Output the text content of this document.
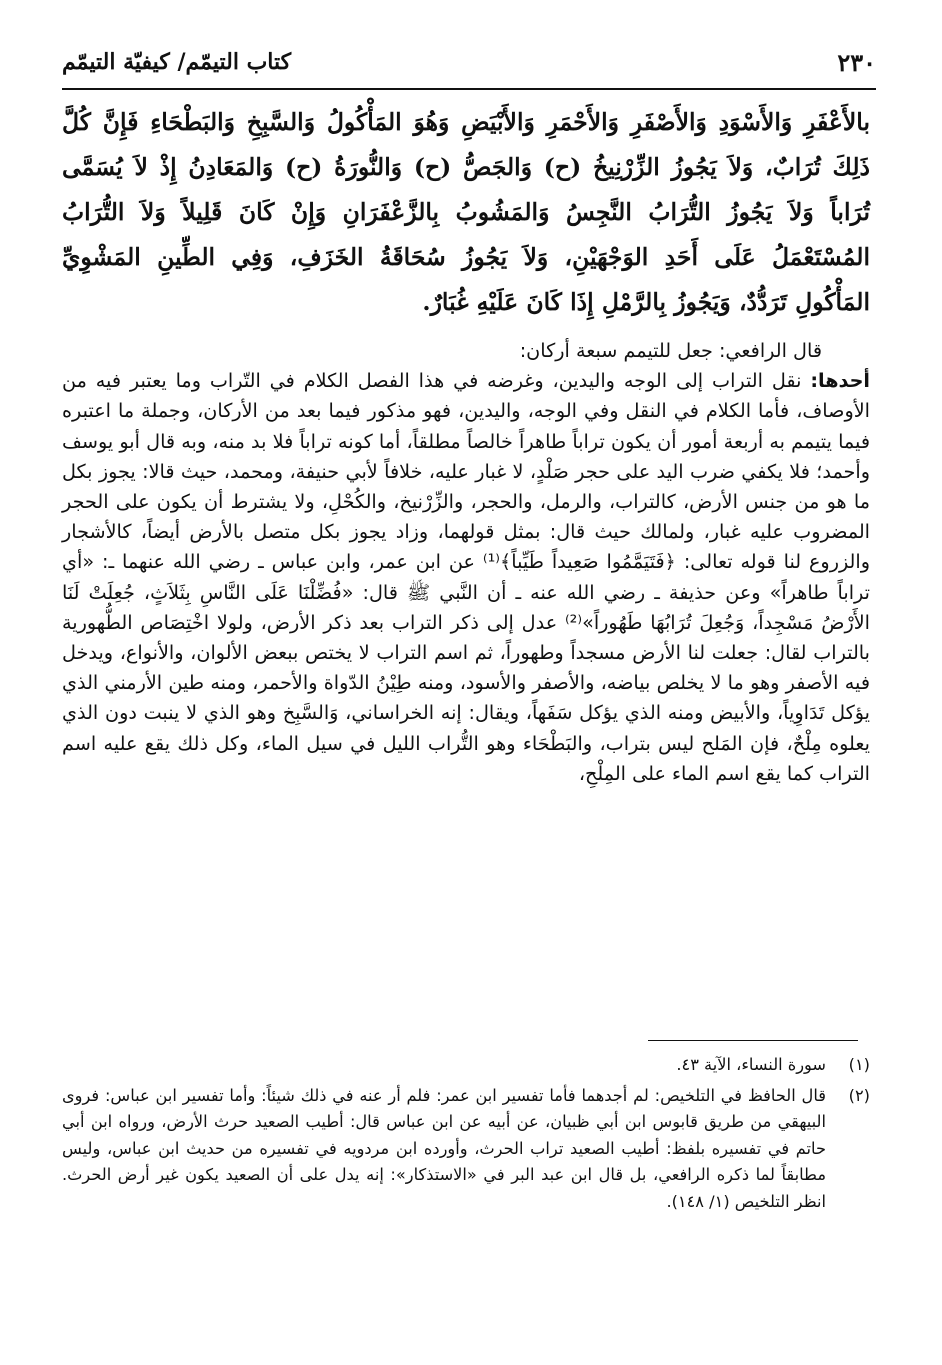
٢٣٠
كتاب التيمّم/ كيفيّة التيمّم
بالأَعْفَرِ وَالأَسْوَدِ وَالأَصْفَرِ وَالأَحْمَرِ وَالأَبْيَضِ وَهُوَ المَأْكُولُ وَالسَّبِخِ وَالبَطْحَاءِ فَإِنَّ كُلَّ ذَلِكَ تُرَابٌ، وَلاَ يَجُوزُ الزِّرْنِيخُ (ح) وَالجَصُّ (ح) وَالنُّورَةُ (ح) وَالمَعَادِنُ إِذْ لاَ يُسَمَّى تُرَاباً وَلاَ يَجُوزُ التُّرَابُ النَّجِسُ وَالمَشُوبُ بِالزَّعْفَرَانِ وَإِنْ كَانَ قَلِيلاً وَلاَ التُّرَابُ المُسْتَعْمَلُ عَلَى أَحَدِ الوَجْهَيْنِ، وَلاَ يَجُوزُ سُحَاقَةُ الخَزَفِ، وَفِي الطِّينِ المَشْوِيِّ المَأْكُولِ تَرَدُّدٌ، وَيَجُوزُ بِالرَّمْلِ إِذَا كَانَ عَلَيْهِ غُبَارٌ.

قال الرافعي: جعل للتيمم سبعة أركان:

أحدها: نقل التراب إلى الوجه واليدين، وغرضه في هذا الفصل الكلام في التّراب وما يعتبر فيه من الأوصاف، فأما الكلام في النقل وفي الوجه، واليدين، فهو مذكور فيما بعد من الأركان، وجملة ما اعتبره فيما يتيمم به أربعة أمور أن يكون تراباً طاهراً خالصاً مطلقاً، أما كونه تراباً فلا بد منه، وبه قال أبو يوسف وأحمد؛ فلا يكفي ضرب اليد على حجر صَلْدٍ، لا غبار عليه، خلافاً لأبي حنيفة، ومحمد، حيث قالا: يجوز بكل ما هو من جنس الأرض، كالتراب، والرمل، والحجر، والزِّرْنيخ، والكُحْلِ، ولا يشترط أن يكون على الحجر المضروب عليه غبار، ولمالك حيث قال: بمثل قولهما، وزاد يجوز بكل متصل بالأرض أيضاً، كالأشجار والزروع لنا قوله تعالى: ﴿فَتَيَمَّمُوا صَعِيداً طَيِّباً﴾⁽¹⁾ عن ابن عمر، وابن عباس ـ رضي الله عنهما ـ: «أي تراباً طاهراً» وعن حذيفة ـ رضي الله عنه ـ أن النَّبي ﷺ قال: «فُضِّلْنَا عَلَى النَّاسِ بِثَلاَثٍ، جُعِلَتْ لَنَا الأَرْضُ مَسْجِداً، وَجُعِلَ تُرَابُهَا طَهُوراً»⁽²⁾ عدل إلى ذكر التراب بعد ذكر الأرض، ولولا اخْتِصَاص الطُّهورية بالتراب لقال: جعلت لنا الأرض مسجداً وطهوراً، ثم اسم التراب لا يختص ببعض الألوان، والأنواع، ويدخل فيه الأصفر وهو ما لا يخلص بياضه، والأصفر والأسود، ومنه طِيْنُ الدّواة والأحمر، ومنه طين الأرمني الذي يؤكل تَدَاوِياً، والأبيض ومنه الذي يؤكل سَفَهاً، ويقال: إنه الخراساني، وَالسَّبِخ وهو الذي لا ينبت دون الذي يعلوه مِلْحٌ، فإن المَلح ليس بتراب، والبَطْحَاء وهو التُّراب الليل في سيل الماء، وكل ذلك يقع عليه اسم التراب كما يقع اسم الماء على المِلْحِ،

(١)
سورة النساء، الآية ٤٣.
(٢)
قال الحافظ في التلخيص: لم أجدهما فأما تفسير ابن عمر: فلم أر عنه في ذلك شيئاً: وأما تفسير ابن عباس: فروى البيهقي من طريق قابوس ابن أبي ظبيان، عن أبيه عن ابن عباس قال: أطيب الصعيد حرث الأرض، ورواه ابن أبي حاتم في تفسيره بلفظ: أطيب الصعيد تراب الحرث، وأورده ابن مردويه في تفسيره من حديث ابن عباس، وليس مطابقاً لما ذكره الرافعي، بل قال ابن عبد البر في «الاستذكار»: إنه يدل على أن الصعيد يكون غير أرض الحرث. انظر التلخيص (١/ ١٤٨).
